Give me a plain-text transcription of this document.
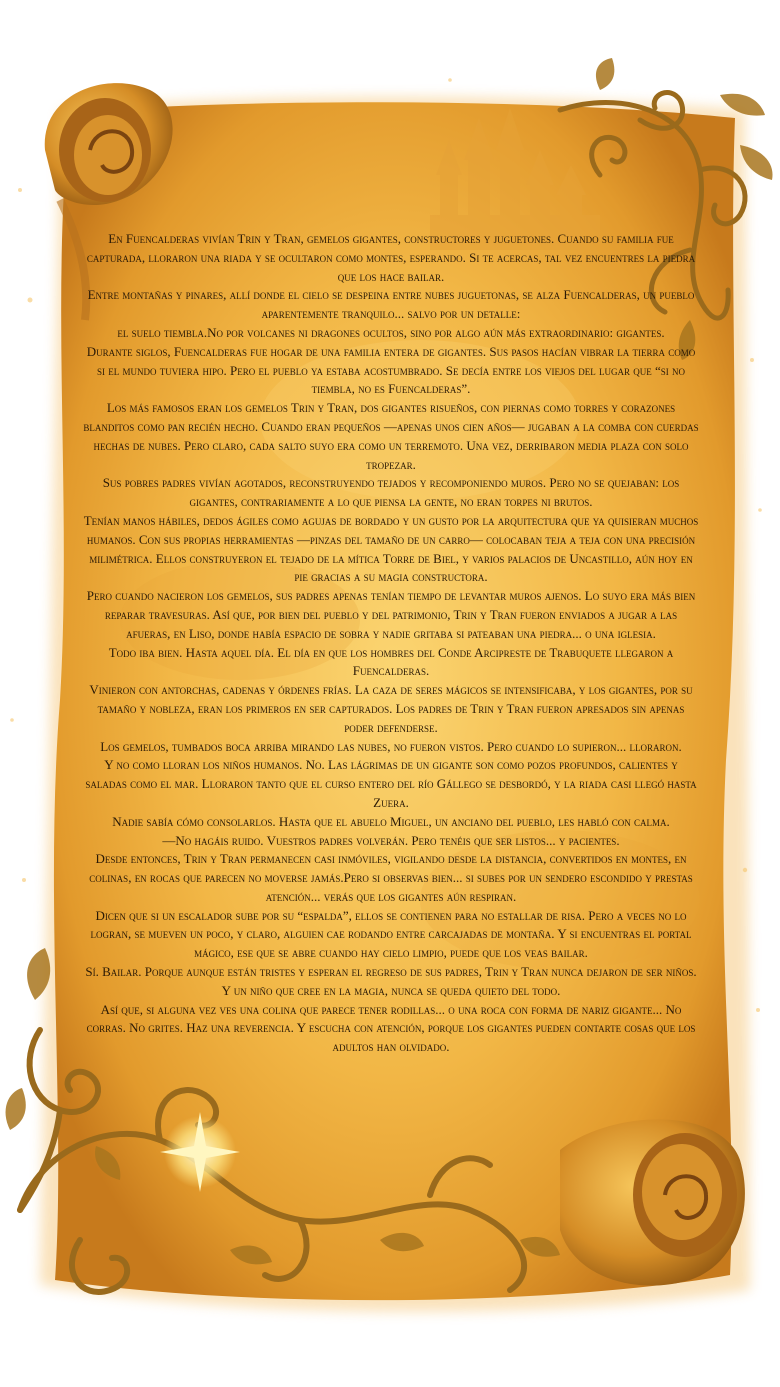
En Fuencalderas vivían Trin y Tran, gemelos gigantes, constructores y juguetones. Cuando su familia fue capturada, lloraron una riada y se ocultaron como montes, esperando. Si te acercas, tal vez encuentres la piedra que los hace bailar.

Entre montañas y pinares, allí donde el cielo se despeina entre nubes juguetonas, se alza Fuencalderas, un pueblo aparentemente tranquilo... salvo por un detalle:

el suelo tiembla.No por volcanes ni dragones ocultos, sino por algo aún más extraordinario: gigantes.

Durante siglos, Fuencalderas fue hogar de una familia entera de gigantes. Sus pasos hacían vibrar la tierra como si el mundo tuviera hipo. Pero el pueblo ya estaba acostumbrado. Se decía entre los viejos del lugar que “si no tiembla, no es Fuencalderas”.

Los más famosos eran los gemelos Trin y Tran, dos gigantes risueños, con piernas como torres y corazones blanditos como pan recién hecho. Cuando eran pequeños —apenas unos cien años— jugaban a la comba con cuerdas hechas de nubes. Pero claro, cada salto suyo era como un terremoto. Una vez, derribaron media plaza con solo tropezar.

Sus pobres padres vivían agotados, reconstruyendo tejados y recomponiendo muros. Pero no se quejaban: los gigantes, contrariamente a lo que piensa la gente, no eran torpes ni brutos.

Tenían manos hábiles, dedos ágiles como agujas de bordado y un gusto por la arquitectura que ya quisieran muchos humanos. Con sus propias herramientas —pinzas del tamaño de un carro— colocaban teja a teja con una precisión milimétrica. Ellos construyeron el tejado de la mítica Torre de Biel, y varios palacios de Uncastillo, aún hoy en pie gracias a su magia constructora.

Pero cuando nacieron los gemelos, sus padres apenas tenían tiempo de levantar muros ajenos. Lo suyo era más bien reparar travesuras. Así que, por bien del pueblo y del patrimonio, Trin y Tran fueron enviados a jugar a las afueras, en Liso, donde había espacio de sobra y nadie gritaba si pateaban una piedra... o una iglesia.

Todo iba bien. Hasta aquel día. El día en que los hombres del Conde Arcipreste de Trabuquete llegaron a Fuencalderas.

Vinieron con antorchas, cadenas y órdenes frías. La caza de seres mágicos se intensificaba, y los gigantes, por su tamaño y nobleza, eran los primeros en ser capturados. Los padres de Trin y Tran fueron apresados sin apenas poder defenderse.

Los gemelos, tumbados boca arriba mirando las nubes, no fueron vistos. Pero cuando lo supieron... lloraron.

Y no como lloran los niños humanos. No. Las lágrimas de un gigante son como pozos profundos, calientes y saladas como el mar. Lloraron tanto que el curso entero del río Gállego se desbordó, y la riada casi llegó hasta Zuera.

Nadie sabía cómo consolarlos. Hasta que el abuelo Miguel, un anciano del pueblo, les habló con calma.

—No hagáis ruido. Vuestros padres volverán. Pero tenéis que ser listos... y pacientes.

Desde entonces, Trin y Tran permanecen casi inmóviles, vigilando desde la distancia, convertidos en montes, en colinas, en rocas que parecen no moverse jamás.Pero si observas bien... si subes por un sendero escondido y prestas atención... verás que los gigantes aún respiran.

Dicen que si un escalador sube por su “espalda”, ellos se contienen para no estallar de risa. Pero a veces no lo logran, se mueven un poco, y claro, alguien cae rodando entre carcajadas de montaña. Y si encuentras el portal mágico, ese que se abre cuando hay cielo limpio, puede que los veas bailar.

Sí. Bailar. Porque aunque están tristes y esperan el regreso de sus padres, Trin y Tran nunca dejaron de ser niños. Y un niño que cree en la magia, nunca se queda quieto del todo.

Así que, si alguna vez ves una colina que parece tener rodillas... o una roca con forma de nariz gigante... No corras. No grites. Haz una reverencia. Y escucha con atención, porque los gigantes pueden contarte cosas que los adultos han olvidado.
